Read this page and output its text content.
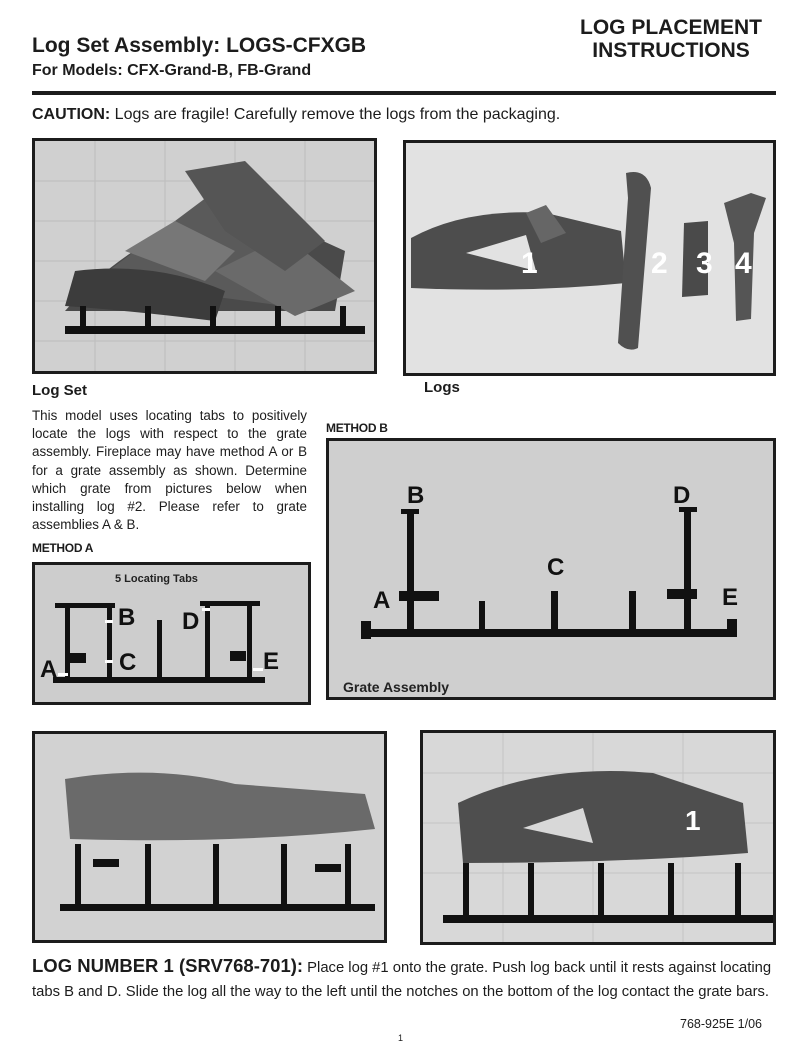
Log Set Assembly: LOGS-CFXGB
For Models: CFX-Grand-B, FB-Grand
LOG PLACEMENT
INSTRUCTIONS
CAUTION: Logs are fragile! Carefully remove the logs from the packaging.
1	2 3 4
Log Set	Logs
This model uses locating tabs to positively locate the logs with respect to the grate assembly. Fireplace may have method A or B for a grate assembly as shown. Determine which grate from pictures below when installing log #2. Please refer to grate assemblies A & B.
METHOD A
METHOD B
5 Locating Tabs
A
B
C
D
E
A
B
C
D
E
Grate Assembly
1
LOG NUMBER 1 (SRV768-701): Place log #1 onto the grate. Push log back until it rests against locating tabs B and D. Slide the log all the way to the left until the notches on the bottom of the log contact the grate bars.
768-925E 1/06
1
